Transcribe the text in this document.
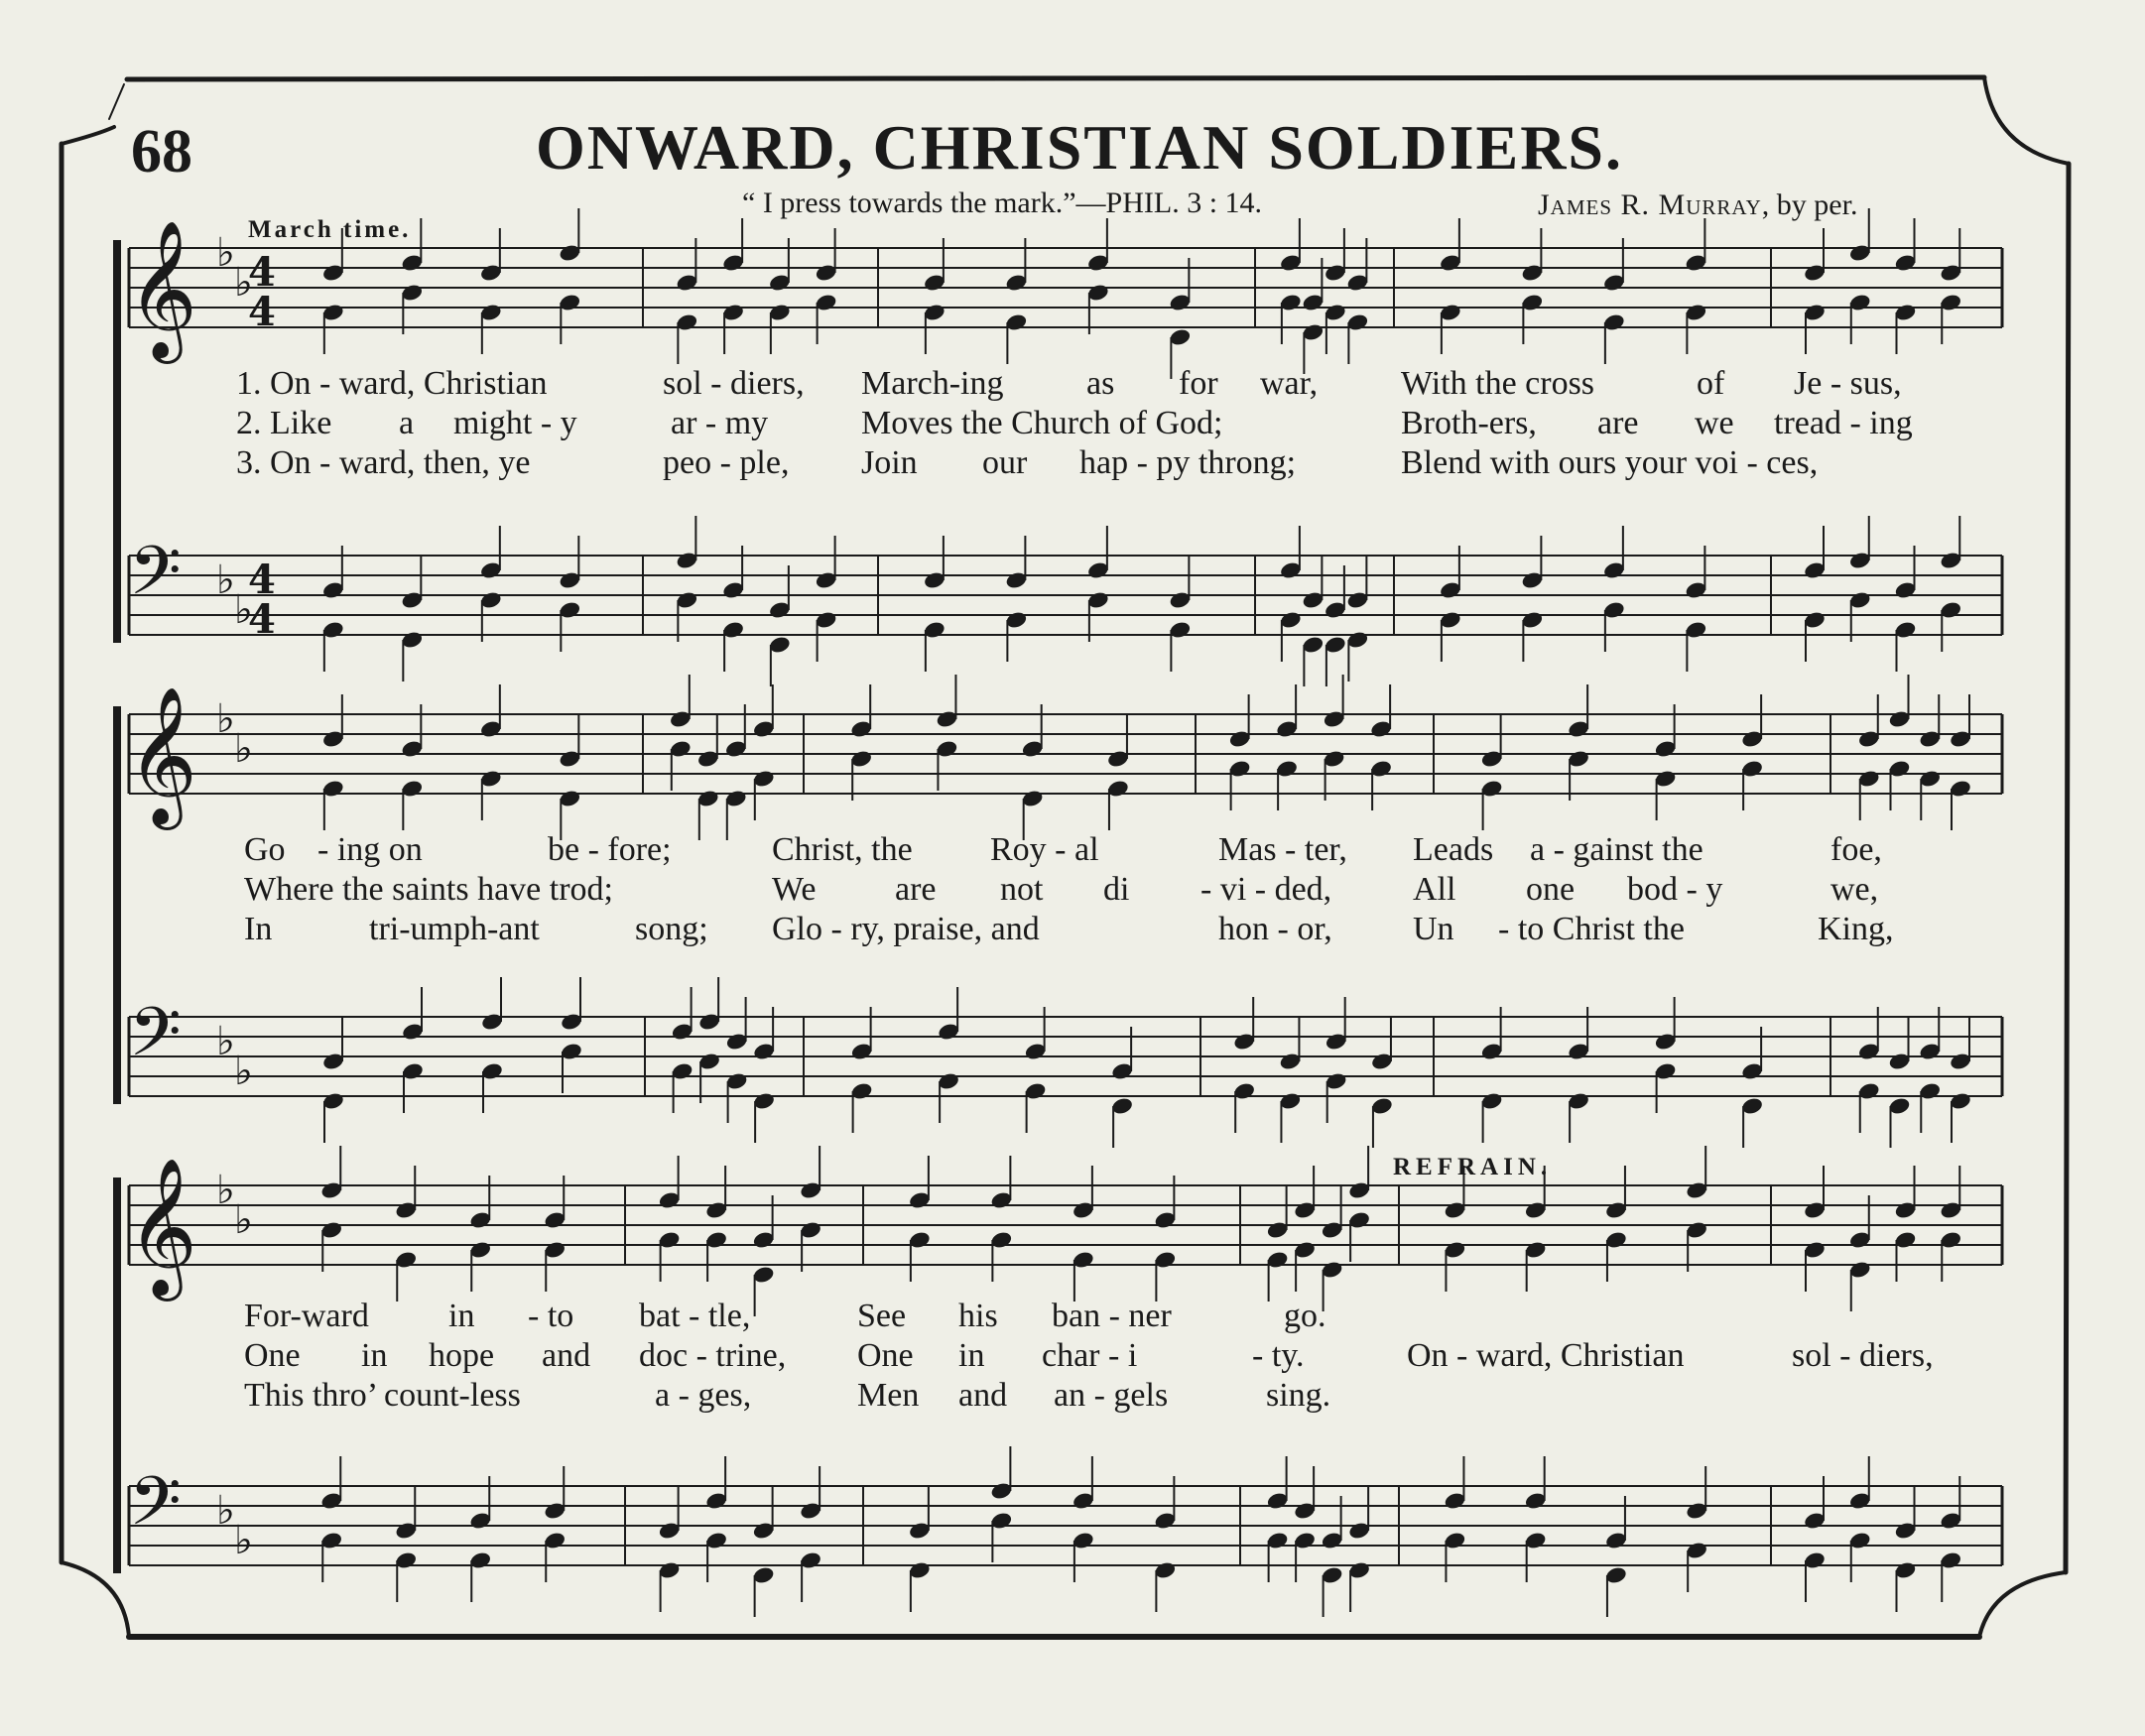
𝄞 ♭
♭
4
4
𝄢 ♭
♭
4
4
𝄞 ♭
♭
𝄢 ♭
♭
𝄞 ♭
♭
𝄢 ♭
♭
68	ONWARD, CHRISTIAN SOLDIERS.
“ I press towards the mark.”—PHIL. 3 : 14.	James R. Murray, by per.
March time.
REFRAIN.
1. On - ward, Christian	sol - diers, March-ing as for war, With the cross	of Je - sus,
2. Like a might - y	ar - my	Moves the Church of God;	Broth-ers, are we tread - ing
3. On - ward, then, ye	peo - ple, Join our hap - py throng;	Blend with ours your voi - ces,
Go - ing on	be - fore;	Christ, the Roy - al	Mas - ter, Leads a - gainst the	foe,
Where the saints have trod;	We are not di - vi - ded, All one bod - y	we,
In	tri-umph-ant	song; Glo - ry, praise, and	hon - or, Un - to Christ the	King,
For-ward in - to bat - tle,	See his ban - ner	go.
One in hope and doc - trine, One in char - i	- ty.	On - ward, Christian	sol - diers,
This thro’ count-less	a - ges,	Men and an - gels	sing.
